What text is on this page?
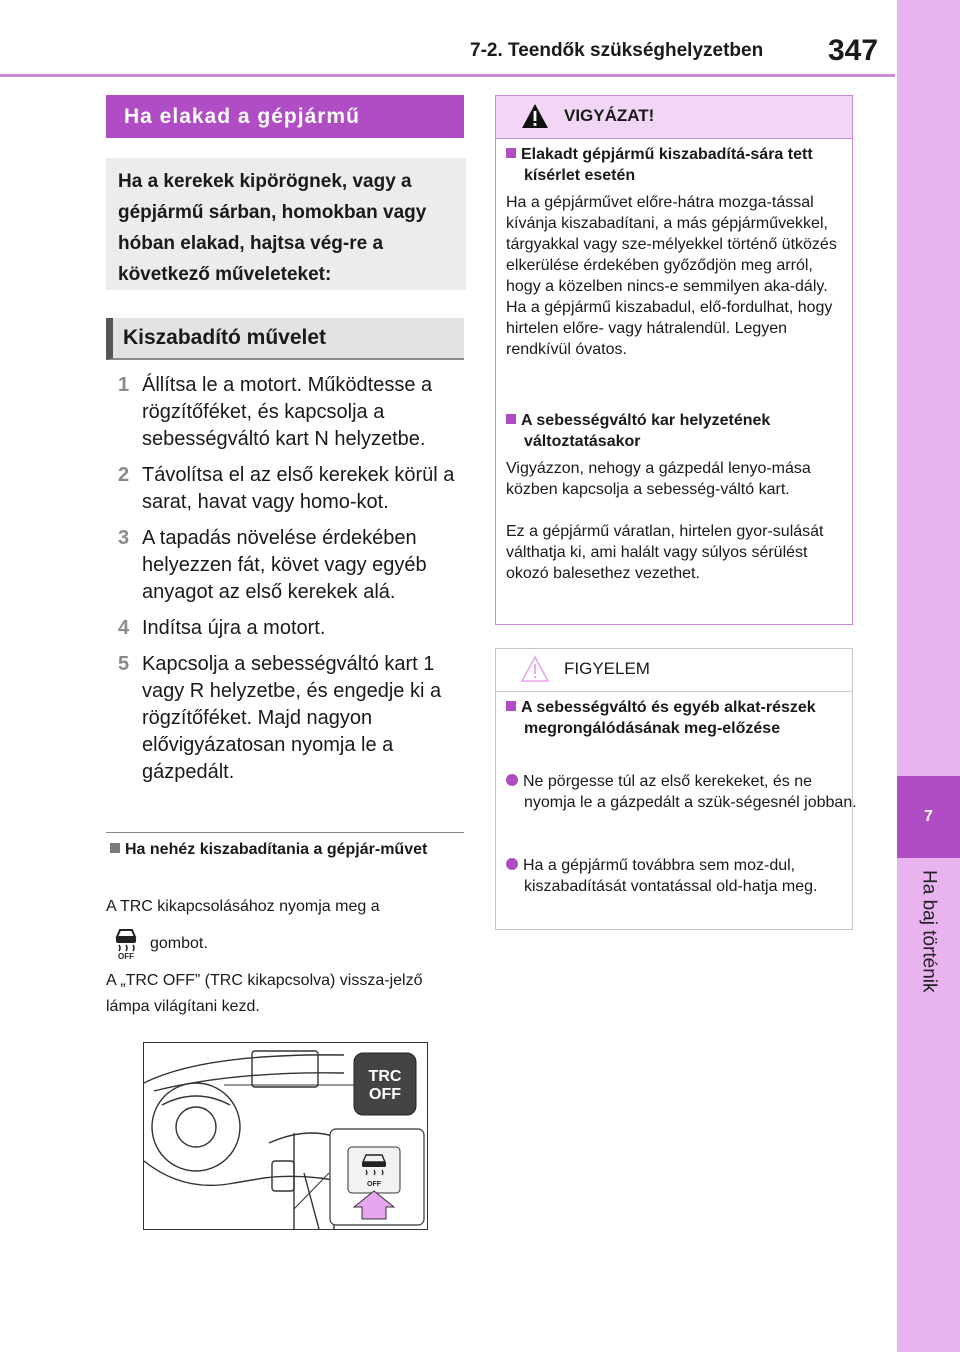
7-2. Teendők szükséghelyzetben	347
7
Ha baj történik
Ha elakad a gépjármű
Ha a kerekek kipörögnek, vagy a gépjármű sárban, homokban vagy hóban elakad, hajtsa vég-re a következő műveleteket:
Kiszabadító művelet
1 Állítsa le a motort. Működtesse a rögzítőféket, és kapcsolja a sebességváltó kart N helyzetbe.
2 Távolítsa el az első kerekek körül a sarat, havat vagy homo-kot.
3 A tapadás növelése érdekében helyezzen fát, követ vagy egyéb anyagot az első kerekek alá.
4 Indítsa újra a motort.
5 Kapcsolja a sebességváltó kart 1 vagy R helyzetbe, és engedje ki a rögzítőféket. Majd nagyon elővigyázatosan nyomja le a gázpedált.
Ha nehéz kiszabadítania a gépjár-művet
A TRC kikapcsolásához nyomja meg a
OFF
gombot.
A „TRC OFF” (TRC kikapcsolva) vissza-jelző lámpa világítani kezd.
TRC
OFF
OFF
VIGYÁZAT!
Elakadt gépjármű kiszabadítá-sára tett kísérlet esetén
Ha a gépjárművet előre-hátra mozga-tással kívánja kiszabadítani, a más gépjárművekkel, tárgyakkal vagy sze-mélyekkel történő ütközés elkerülése érdekében győződjön meg arról, hogy a közelben nincs-e semmilyen aka-dály. Ha a gépjármű kiszabadul, elő-fordulhat, hogy hirtelen előre- vagy hátralendül. Legyen rendkívül óvatos.
A sebességváltó kar helyzetének változtatásakor
Vigyázzon, nehogy a gázpedál lenyo-mása közben kapcsolja a sebesség-váltó kart.
Ez a gépjármű váratlan, hirtelen gyor-sulását válthatja ki, ami halált vagy súlyos sérülést okozó balesethez vezethet.
FIGYELEM
A sebességváltó és egyéb alkat-részek megrongálódásának meg-előzése
Ne pörgesse túl az első kerekeket, és ne nyomja le a gázpedált a szük-ségesnél jobban.
Ha a gépjármű továbbra sem moz-dul, kiszabadítását vontatással old-hatja meg.
